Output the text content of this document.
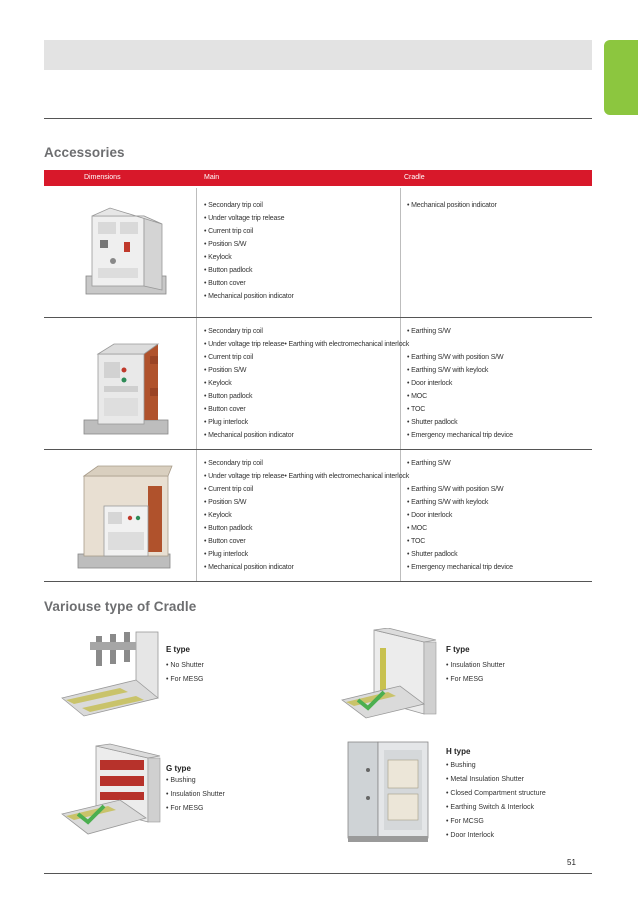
Accessories
Dimensions	Main	Cradle
• Secondary trip coil
• Under voltage trip release
• Current trip coil
• Position S/W
• Keylock
• Button padlock
• Button cover
• Mechanical position indicator
• Mechanical position indicator
• Secondary trip coil
• Under voltage trip release• Earthing with electromechanical interlock
• Current trip coil
• Position S/W
• Keylock
• Button padlock
• Button cover
• Plug interlock
• Mechanical position indicator
• Earthing S/W
• Earthing S/W with position S/W
• Earthing S/W with keylock
• Door interlock
• MOC
• TOC
• Shutter padlock
• Emergency mechanical trip device
• Secondary trip coil
• Under voltage trip release• Earthing with electromechanical interlock
• Current trip coil
• Position S/W
• Keylock
• Button padlock
• Button cover
• Plug interlock
• Mechanical position indicator
• Earthing S/W
• Earthing S/W with position S/W
• Earthing S/W with keylock
• Door interlock
• MOC
• TOC
• Shutter padlock
• Emergency mechanical trip device
Variouse type of Cradle
E type
• No Shutter
• For MESG
F type
• Insulation Shutter
• For MESG
G type
• Bushing
• Insulation Shutter
• For MESG
H type
• Bushing
• Metal Insulation Shutter
• Closed Compartment structure
• Earthing Switch & Interlock
• For MCSG
• Door Interlock
51
